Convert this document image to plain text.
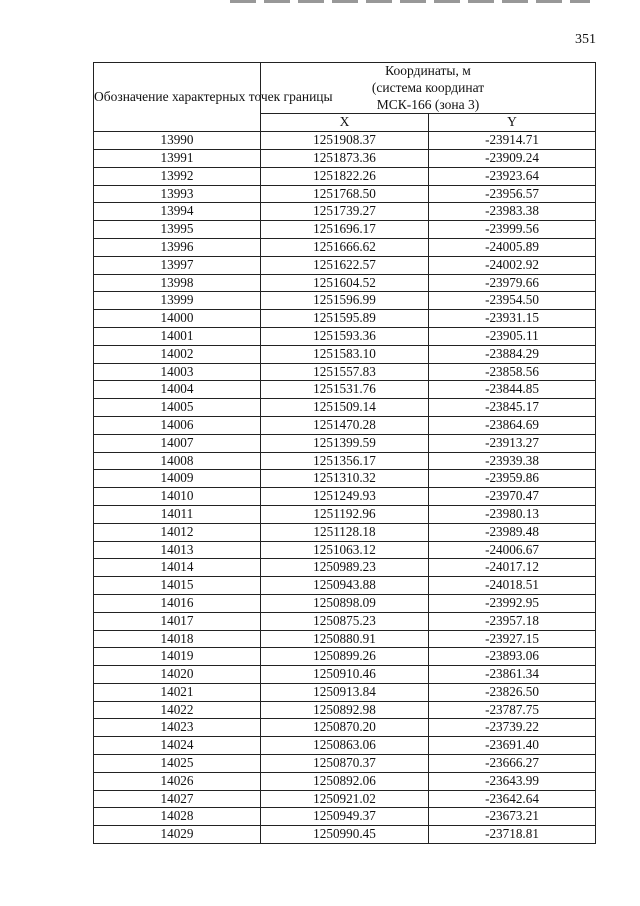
351
Обозначение характерных точек границы	Координаты, м
(система координат
МСК-166 (зона 3)	

	X	Y
13990	1251908.37	-23914.71
13991	1251873.36	-23909.24
13992	1251822.26	-23923.64
13993	1251768.50	-23956.57
13994	1251739.27	-23983.38
13995	1251696.17	-23999.56
13996	1251666.62	-24005.89
13997	1251622.57	-24002.92
13998	1251604.52	-23979.66
13999	1251596.99	-23954.50
14000	1251595.89	-23931.15
14001	1251593.36	-23905.11
14002	1251583.10	-23884.29
14003	1251557.83	-23858.56
14004	1251531.76	-23844.85
14005	1251509.14	-23845.17
14006	1251470.28	-23864.69
14007	1251399.59	-23913.27
14008	1251356.17	-23939.38
14009	1251310.32	-23959.86
14010	1251249.93	-23970.47
14011	1251192.96	-23980.13
14012	1251128.18	-23989.48
14013	1251063.12	-24006.67
14014	1250989.23	-24017.12
14015	1250943.88	-24018.51
14016	1250898.09	-23992.95
14017	1250875.23	-23957.18
14018	1250880.91	-23927.15
14019	1250899.26	-23893.06
14020	1250910.46	-23861.34
14021	1250913.84	-23826.50
14022	1250892.98	-23787.75
14023	1250870.20	-23739.22
14024	1250863.06	-23691.40
14025	1250870.37	-23666.27
14026	1250892.06	-23643.99
14027	1250921.02	-23642.64
14028	1250949.37	-23673.21
14029	1250990.45	-23718.81
